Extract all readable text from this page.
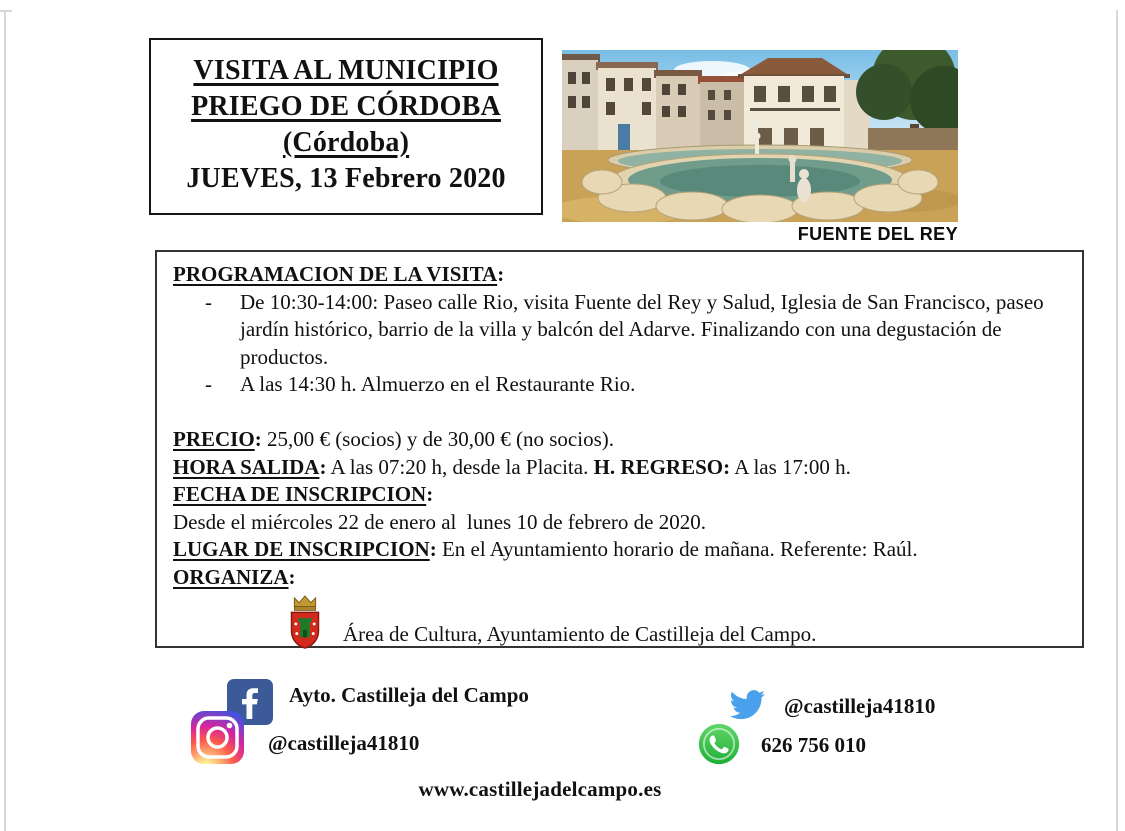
VISITA AL MUNICIPIO
PRIEGO DE CÓRDOBA
(Córdoba)
JUEVES, 13 Febrero 2020
FUENTE DEL REY

PROGRAMACION DE LA VISITA:

- De 10:30-14:00: Paseo calle Rio, visita Fuente del Rey y Salud, Iglesia de San Francisco, paseo jardín histórico, barrio de la villa y balcón del Adarve. Finalizando con una degustación de productos.
- A las 14:30 h. Almuerzo en el Restaurante Rio.

PRECIO: 25,00 € (socios) y de 30,00 € (no socios).

HORA SALIDA: A las 07:20 h, desde la Placita. H. REGRESO: A las 17:00 h.

FECHA DE INSCRIPCION:

Desde el miércoles 22 de enero al  lunes 10 de febrero de 2020.

LUGAR DE INSCRIPCION: En el Ayuntamiento horario de mañana. Referente: Raúl.

ORGANIZA:

Área de Cultura, Ayuntamiento de Castilleja del Campo.
Ayto. Castilleja del Campo
@castilleja41810
@castilleja41810
626 756 010
www.castillejadelcampo.es
